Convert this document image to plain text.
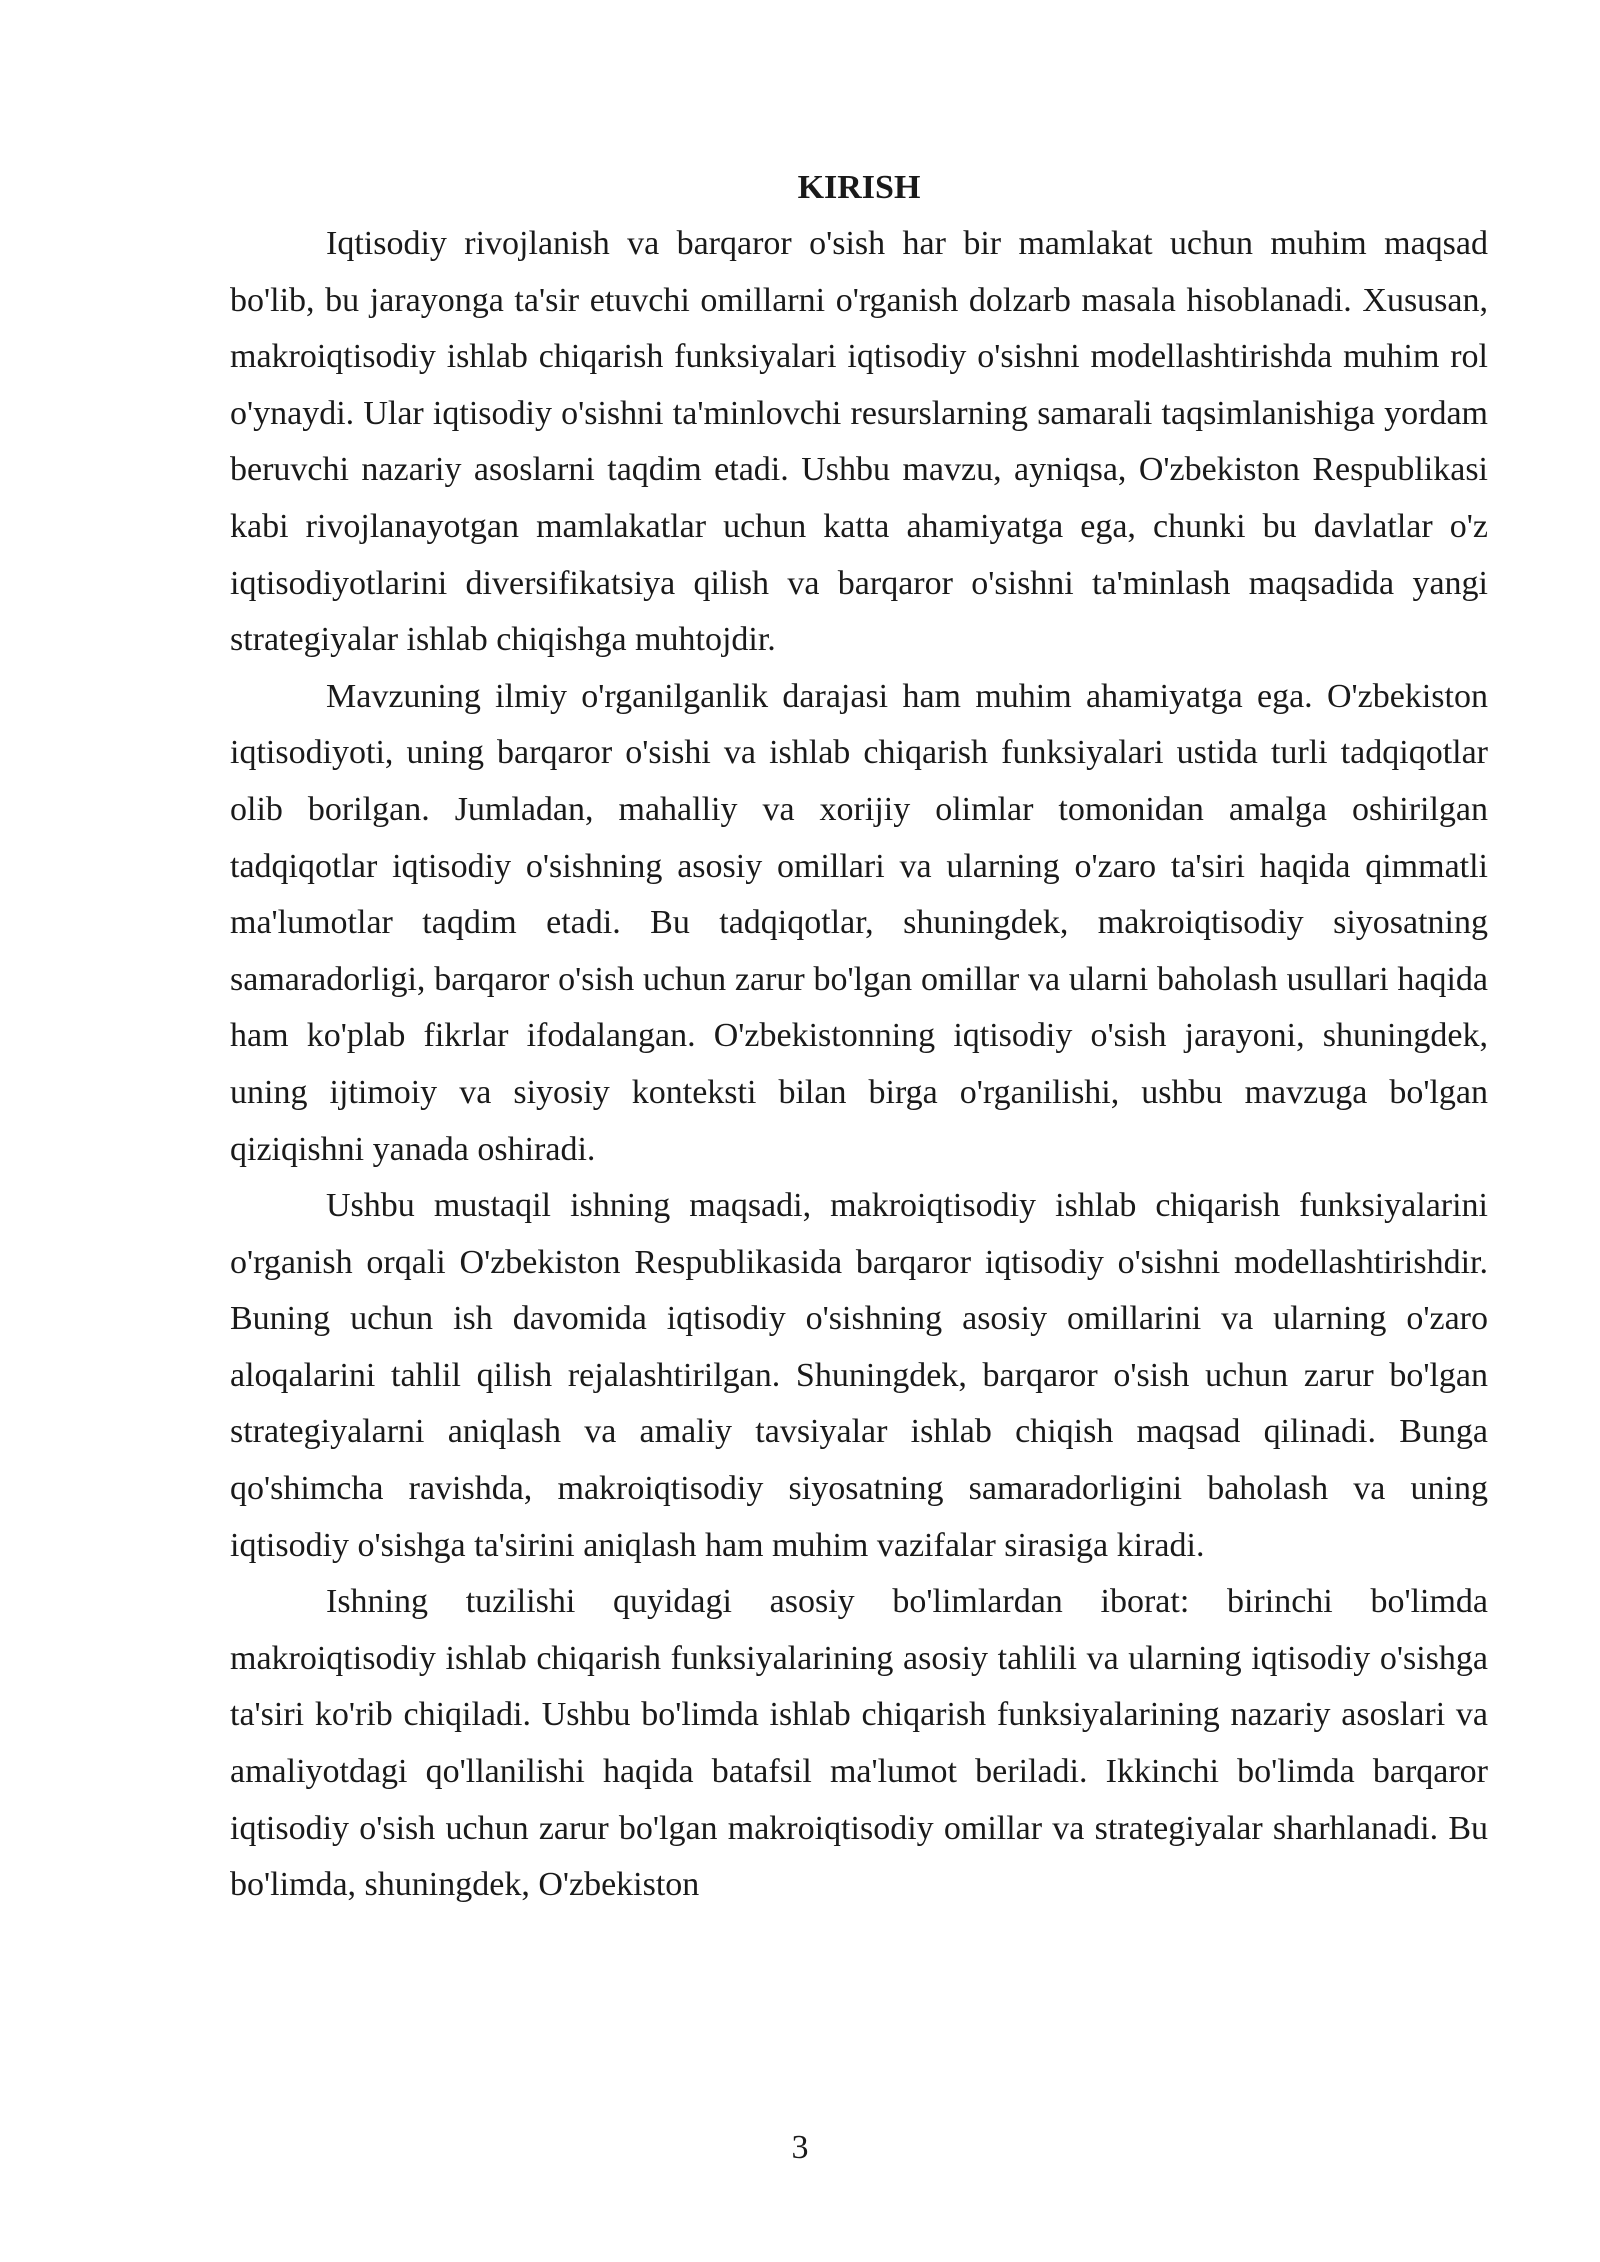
KIRISH

Iqtisodiy rivojlanish va barqaror o'sish har bir mamlakat uchun muhim maqsad bo'lib, bu jarayonga ta'sir etuvchi omillarni o'rganish dolzarb masala hisoblanadi. Xususan, makroiqtisodiy ishlab chiqarish funksiyalari iqtisodiy o'sishni modellashtirishda muhim rol o'ynaydi. Ular iqtisodiy o'sishni ta'minlovchi resurslarning samarali taqsimlanishiga yordam beruvchi nazariy asoslarni taqdim etadi. Ushbu mavzu, ayniqsa, O'zbekiston Respublikasi kabi rivojlanayotgan mamlakatlar uchun katta ahamiyatga ega, chunki bu davlatlar o'z iqtisodiyotlarini diversifikatsiya qilish va barqaror o'sishni ta'minlash maqsadida yangi strategiyalar ishlab chiqishga muhtojdir.

Mavzuning ilmiy o'rganilganlik darajasi ham muhim ahamiyatga ega. O'zbekiston iqtisodiyoti, uning barqaror o'sishi va ishlab chiqarish funksiyalari ustida turli tadqiqotlar olib borilgan. Jumladan, mahalliy va xorijiy olimlar tomonidan amalga oshirilgan tadqiqotlar iqtisodiy o'sishning asosiy omillari va ularning o'zaro ta'siri haqida qimmatli ma'lumotlar taqdim etadi. Bu tadqiqotlar, shuningdek, makroiqtisodiy siyosatning samaradorligi, barqaror o'sish uchun zarur bo'lgan omillar va ularni baholash usullari haqida ham ko'plab fikrlar ifodalangan. O'zbekistonning iqtisodiy o'sish jarayoni, shuningdek, uning ijtimoiy va siyosiy konteksti bilan birga o'rganilishi, ushbu mavzuga bo'lgan qiziqishni yanada oshiradi.

Ushbu mustaqil ishning maqsadi, makroiqtisodiy ishlab chiqarish funksiyalarini o'rganish orqali O'zbekiston Respublikasida barqaror iqtisodiy o'sishni modellashtirishdir. Buning uchun ish davomida iqtisodiy o'sishning asosiy omillarini va ularning o'zaro aloqalarini tahlil qilish rejalashtirilgan. Shuningdek, barqaror o'sish uchun zarur bo'lgan strategiyalarni aniqlash va amaliy tavsiyalar ishlab chiqish maqsad qilinadi. Bunga qo'shimcha ravishda, makroiqtisodiy siyosatning samaradorligini baholash va uning iqtisodiy o'sishga ta'sirini aniqlash ham muhim vazifalar sirasiga kiradi.

Ishning tuzilishi quyidagi asosiy bo'limlardan iborat: birinchi bo'limda makroiqtisodiy ishlab chiqarish funksiyalarining asosiy tahlili va ularning iqtisodiy o'sishga ta'siri ko'rib chiqiladi. Ushbu bo'limda ishlab chiqarish funksiyalarining nazariy asoslari va amaliyotdagi qo'llanilishi haqida batafsil ma'lumot beriladi. Ikkinchi bo'limda barqaror iqtisodiy o'sish uchun zarur bo'lgan makroiqtisodiy omillar va strategiyalar sharhlanadi. Bu bo'limda, shuningdek, O'zbekiston

3
